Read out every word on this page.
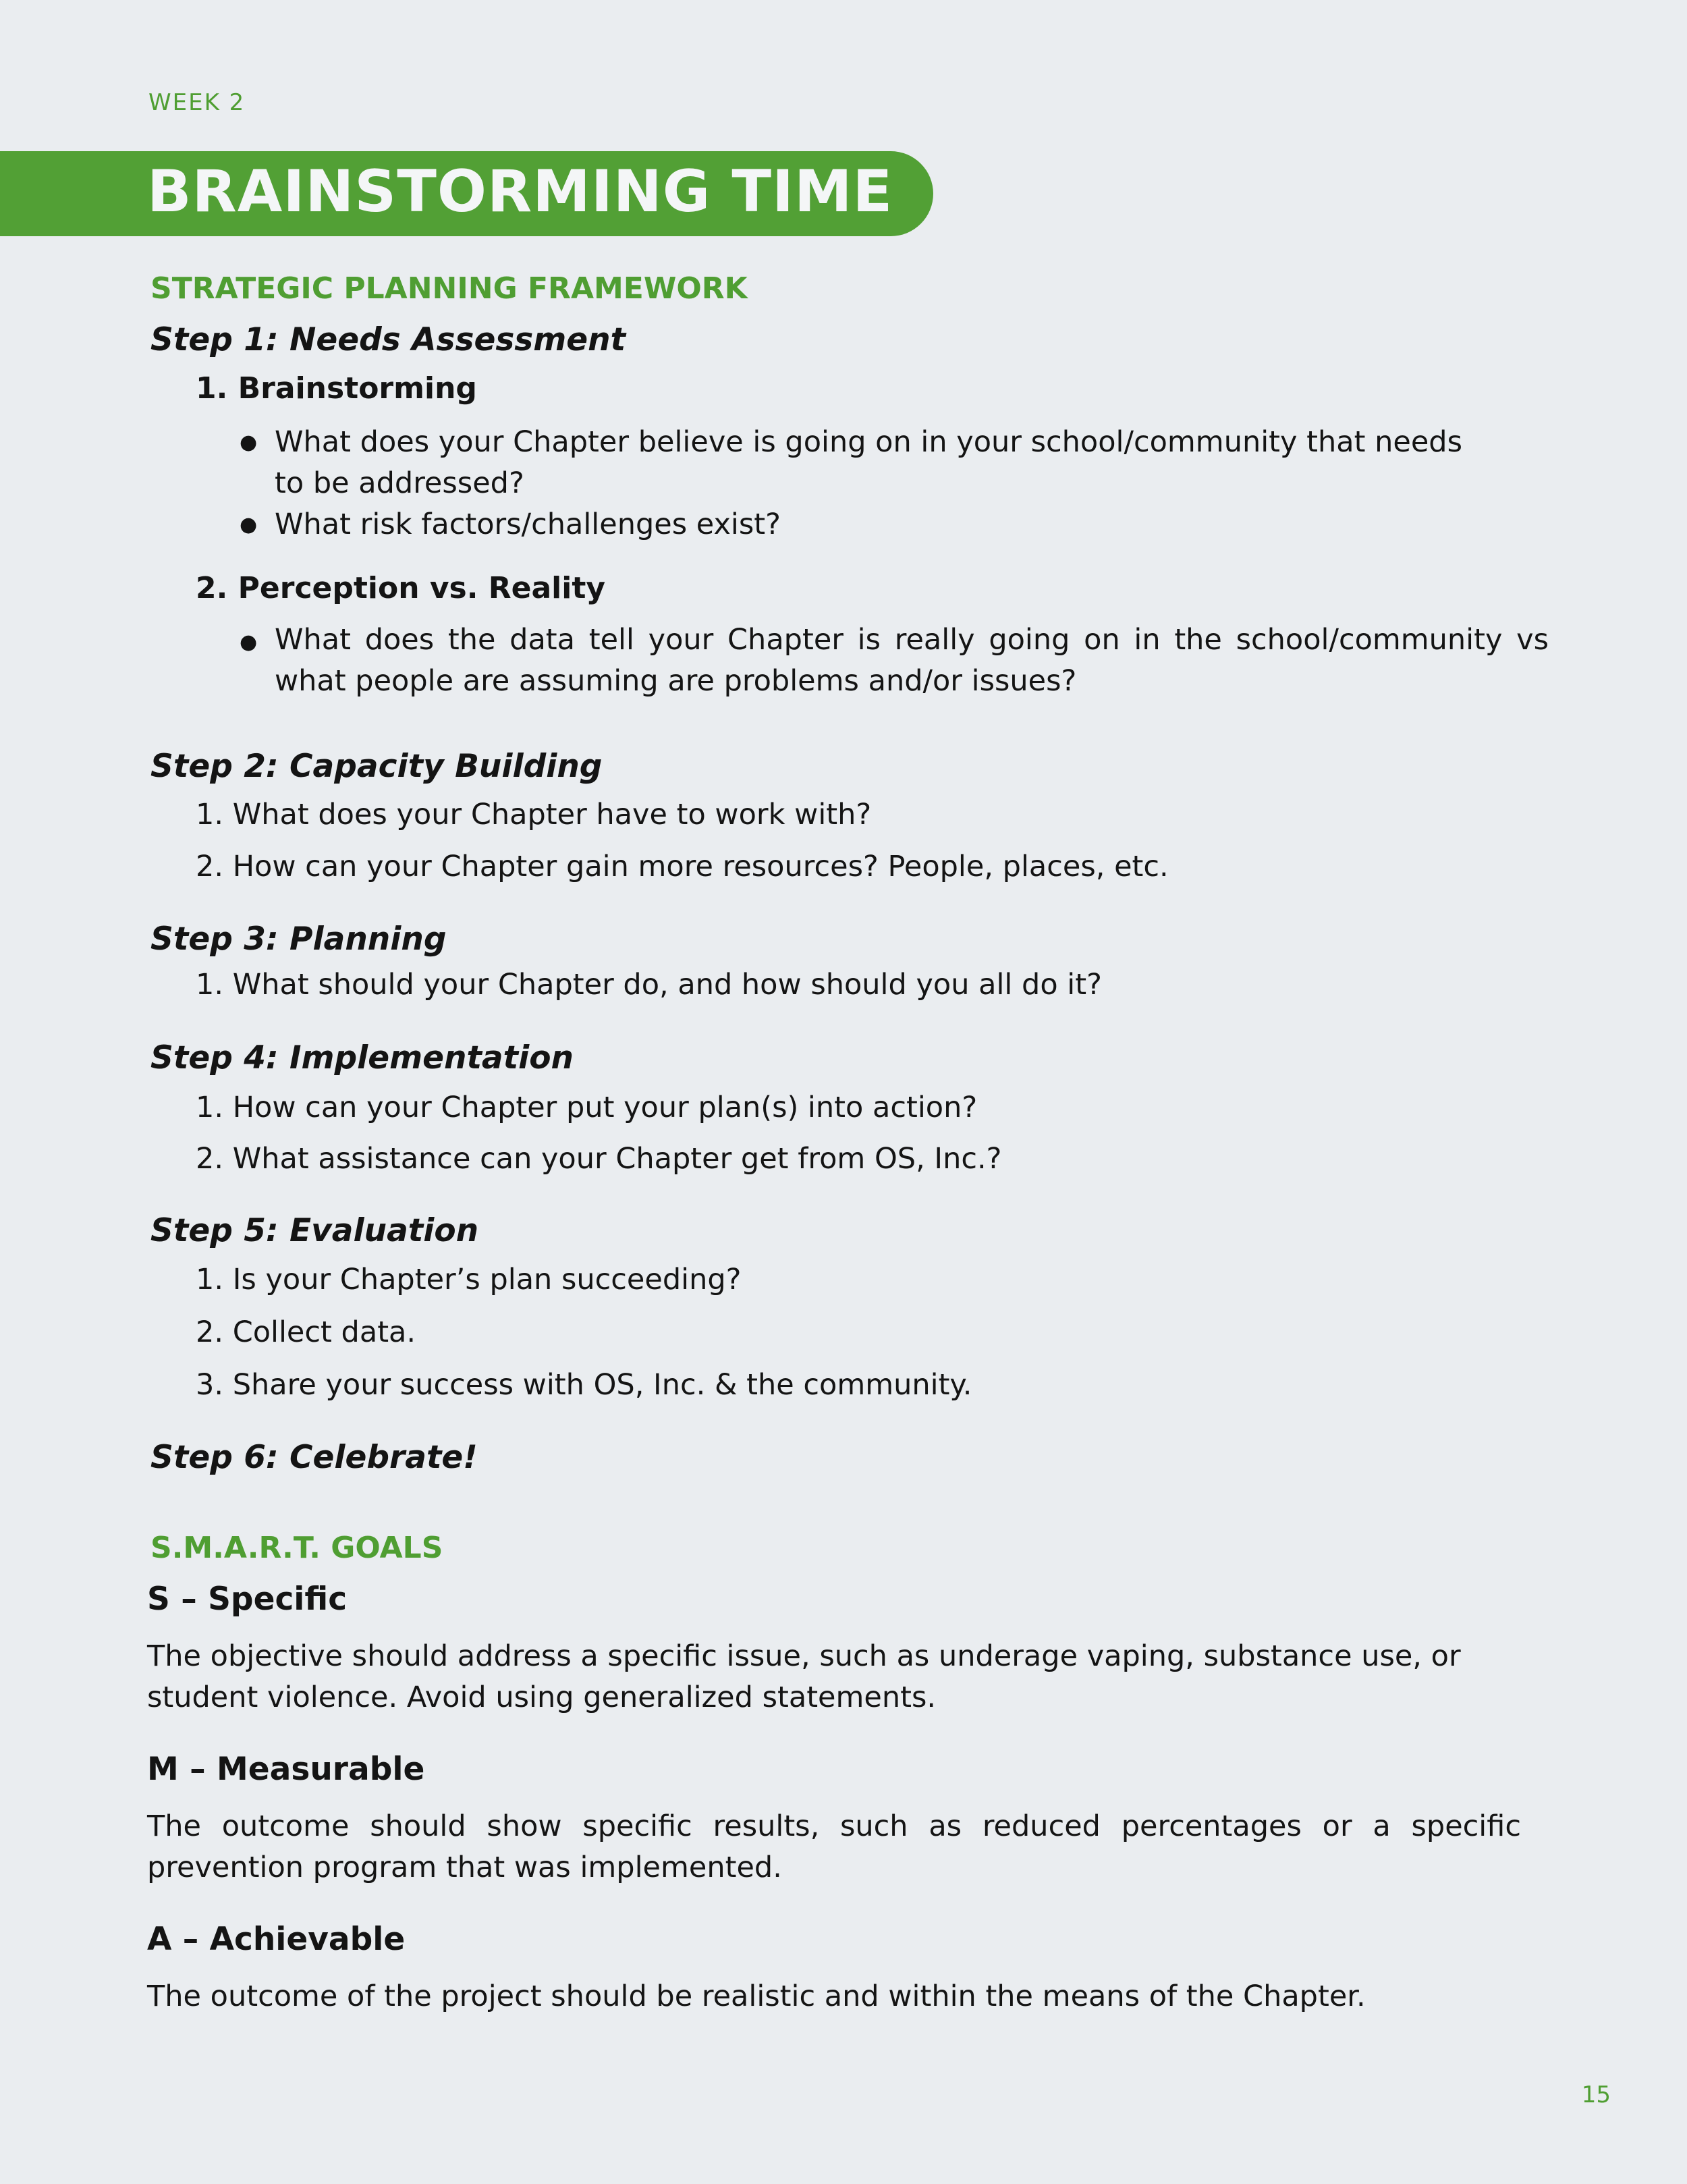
WEEK 2
BRAINSTORMING TIME
STRATEGIC PLANNING FRAMEWORK
Step 1: Needs Assessment
1. Brainstorming
● What does your Chapter believe is going on in your school/community that needs
to be addressed?
● What risk factors/challenges exist?
2. Perception vs. Reality
● What does the data tell your Chapter is really going on in the school/community vs what people are assuming are problems and/or issues?
Step 2: Capacity Building
1. What does your Chapter have to work with?
2. How can your Chapter gain more resources? People, places, etc.
Step 3: Planning
1. What should your Chapter do, and how should you all do it?
Step 4: Implementation
1. How can your Chapter put your plan(s) into action?
2. What assistance can your Chapter get from OS, Inc.?
Step 5: Evaluation
1. Is your Chapter’s plan succeeding?
2. Collect data.
3. Share your success with OS, Inc. & the community.
Step 6: Celebrate!
S.M.A.R.T. GOALS
S – Specific
The objective should address a specific issue, such as underage vaping, substance use, or student violence. Avoid using generalized statements.
M – Measurable
The outcome should show specific results, such as reduced percentages or a specific prevention program that was implemented.
A – Achievable
The outcome of the project should be realistic and within the means of the Chapter.
15
